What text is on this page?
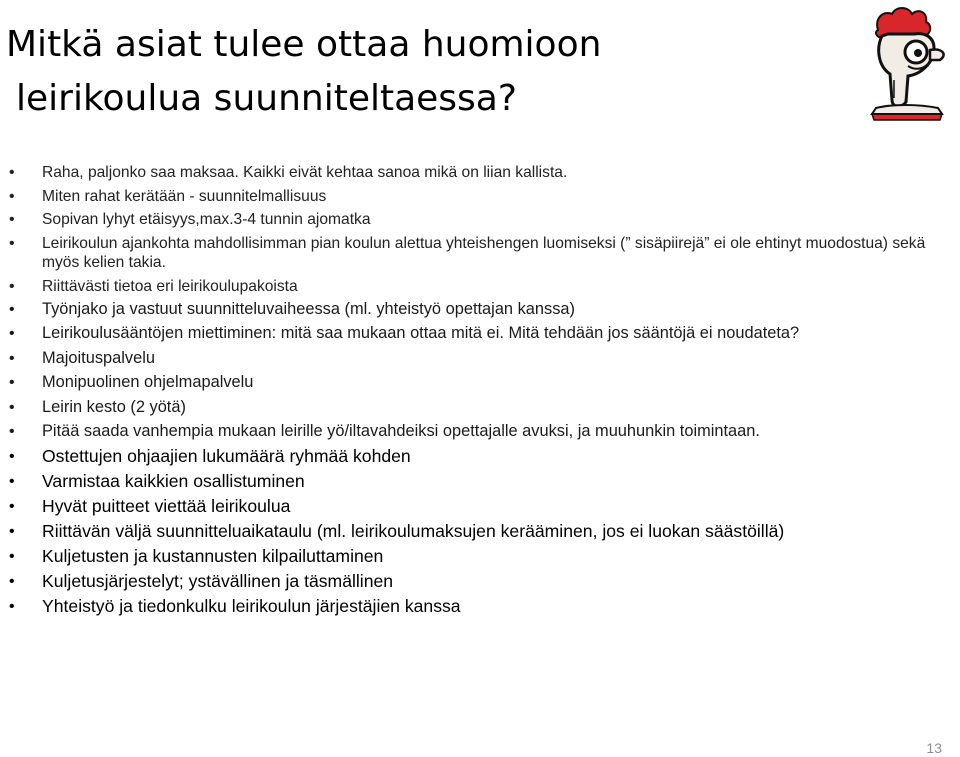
Mitkä asiat tulee ottaa huomioon
leirikoulua suunniteltaessa?
• Raha, paljonko saa maksaa. Kaikki eivät kehtaa sanoa mikä on liian kallista.
• Miten rahat kerätään - suunnitelmallisuus
• Sopivan lyhyt etäisyys,max.3-4 tunnin ajomatka
• Leirikoulun ajankohta mahdollisimman pian koulun alettua yhteishengen luomiseksi (” sisäpiirejä” ei ole ehtinyt muodostua) sekä myös kelien takia.
• Riittävästi tietoa eri leirikoulupakoista
• Työnjako ja vastuut suunnitteluvaiheessa (ml. yhteistyö opettajan kanssa)
• Leirikoulusääntöjen miettiminen: mitä saa mukaan ottaa mitä ei. Mitä tehdään jos sääntöjä ei noudateta?
• Majoituspalvelu
• Monipuolinen ohjelmapalvelu
• Leirin kesto (2 yötä)
• Pitää saada vanhempia mukaan leirille yö/iltavahdeiksi opettajalle avuksi, ja muuhunkin toimintaan.
• Ostettujen ohjaajien lukumäärä ryhmää kohden
• Varmistaa kaikkien osallistuminen
• Hyvät puitteet viettää leirikoulua
• Riittävän väljä suunnitteluaikataulu (ml. leirikoulumaksujen kerääminen, jos ei luokan säästöillä)
• Kuljetusten ja kustannusten kilpailuttaminen
• Kuljetusjärjestelyt; ystävällinen ja täsmällinen
• Yhteistyö ja tiedonkulku leirikoulun järjestäjien kanssa
13
